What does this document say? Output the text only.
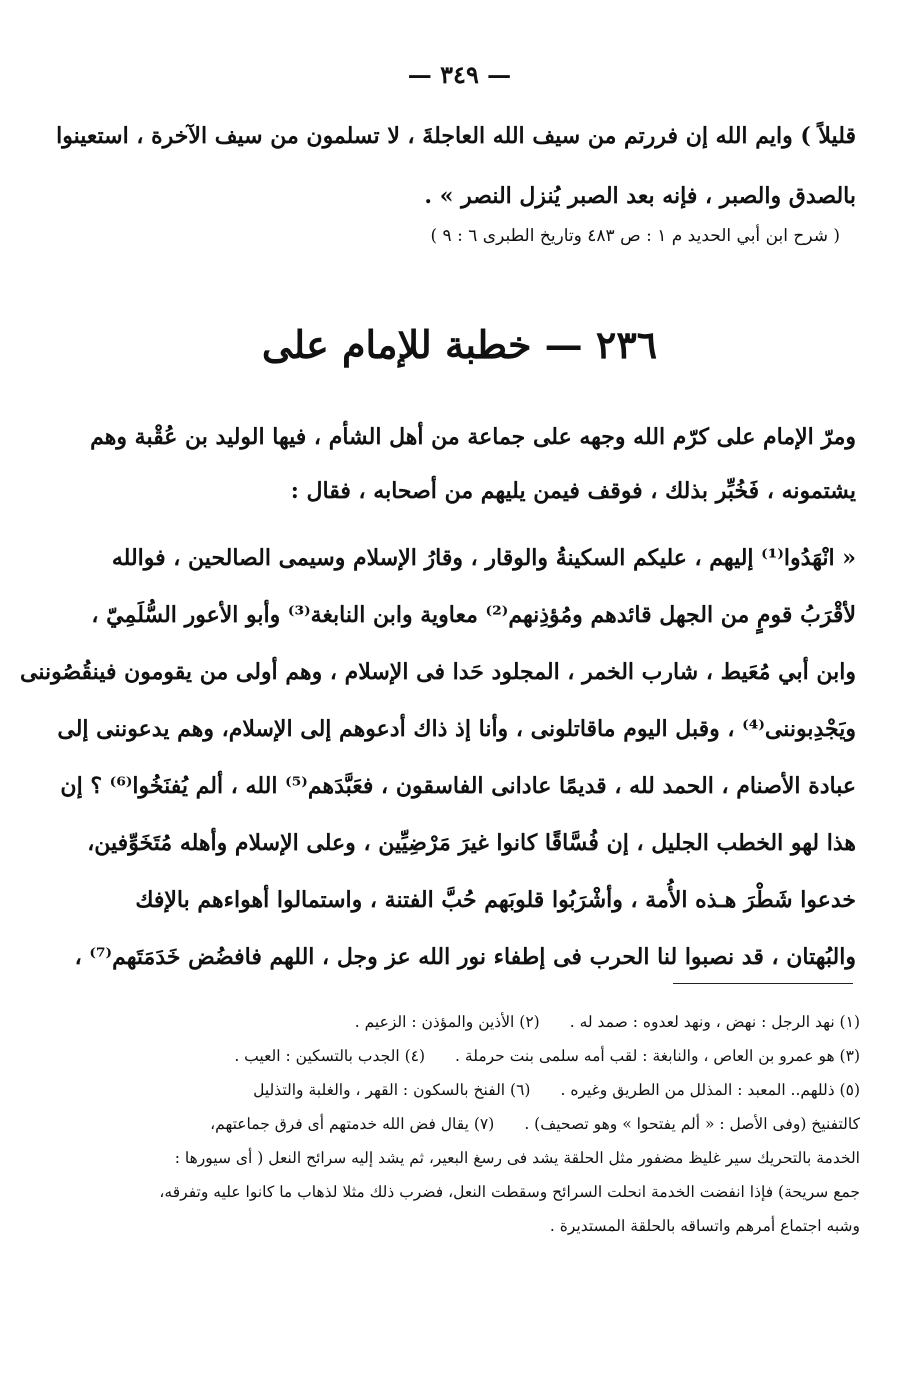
— ٣٤٩ —
قليلاً ) وايم الله إن فررتم من سيف الله العاجلةَ ، لا تسلمون من سيف الآخرة ، استعينوا
بالصدق والصبر ، فإنه بعد الصبر يُنزل النصر » .
( شرح ابن أبي الحديد م ١ : ص ٤٨٣ وتاريخ الطبرى ٦ : ٩ )
٢٣٦ — خطبة للإمام على
ومرّ الإمام على كرّم الله وجهه على جماعة من أهل الشأم ، فيها الوليد بن عُقْبة وهم
يشتمونه ، فَخُبِّر بذلك ، فوقف فيمن يليهم من أصحابه ، فقال :
« انْهَدُوا⁽¹⁾ إليهم ، عليكم السكينةُ والوقار ، وقارُ الإسلام وسيمى الصالحين ، فوالله
لأقْرَبُ قومٍ من الجهل قائدهم ومُؤذِنهم⁽²⁾ معاوية وابن النابغة⁽³⁾ وأبو الأعور السُّلَمِيّ ،
وابن أبي مُعَيط ، شارب الخمر ، المجلود حَدا فى الإسلام ، وهم أولى من يقومون فينقُصُوننى
ويَجْدِبوننى⁽⁴⁾ ، وقبل اليوم ماقاتلونى ، وأنا إذ ذاك أدعوهم إلى الإسلام، وهم يدعوننى إلى
عبادة الأصنام ، الحمد لله ، قديمًا عادانى الفاسقون ، فعَبَّدَهم⁽⁵⁾ الله ، ألم يُفنَخُوا⁽⁶⁾ ؟ إن
هذا لهو الخطب الجليل ، إن فُسَّاقًا كانوا غيرَ مَرْضِيِّين ، وعلى الإسلام وأهله مُتَخَوِّفين،
خدعوا شَطْرَ هـذه الأُمة ، وأشْرَبُوا قلوبَهم حُبَّ الفتنة ، واستمالوا أهواءهم بالإفك
والبُهتان ، قد نصبوا لنا الحرب فى إطفاء نور الله عز وجل ، اللهم فافضُض خَدَمَتَهم⁽⁷⁾ ،
(١) نهد الرجل : نهض ، ونهد لعدوه : صمد له .(٢) الأذين والمؤذن : الزعيم .
(٣) هو عمرو بن العاص ، والنابغة : لقب أمه سلمى بنت حرملة .(٤) الجدب بالتسكين : العيب .
(٥) ذللهم.. المعبد : المذلل من الطريق وغيره .(٦) الفنخ بالسكون : القهر ، والغلبة والتذليل
كالتفنيخ (وفى الأصل : « ألم يفتحوا » وهو تصحيف) .(٧) يقال فض الله خدمتهم أى فرق جماعتهم،
الخدمة بالتحريك سير غليظ مضفور مثل الحلقة يشد فى رسغ البعير، ثم يشد إليه سرائح النعل ( أى سيورها :
جمع سريحة) فإذا انفضت الخدمة انحلت السرائح وسقطت النعل، فضرب ذلك مثلا لذهاب ما كانوا عليه وتفرقه،
وشبه اجتماع أمرهم واتساقه بالحلقة المستديرة .
